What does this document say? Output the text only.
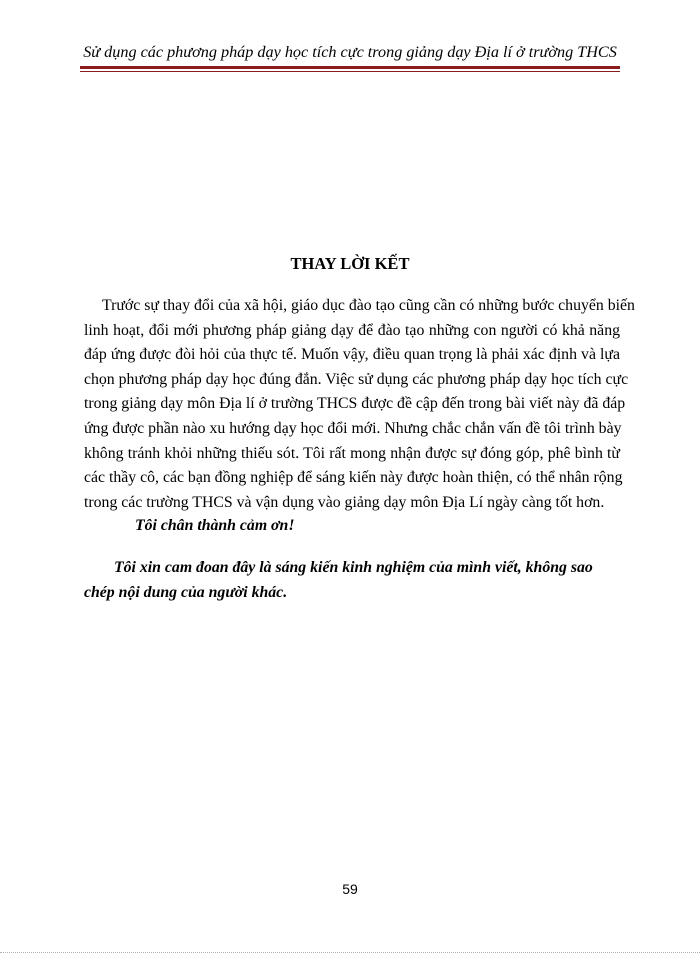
Sử dụng các phương pháp dạy học tích cực trong giảng dạy Địa lí ở trường THCS
THAY LỜI KẾT
Trước sự thay đổi của xã hội, giáo dục đào tạo cũng cần có những bước chuyển biến
linh hoạt, đổi mới phương pháp giảng dạy để đào tạo những con người có khả năng
đáp ứng được đòi hỏi của thực tế. Muốn vậy, điều quan trọng là phải xác định và lựa
chọn phương pháp dạy học đúng đắn. Việc sử dụng các phương pháp dạy học tích cực
trong giảng dạy môn Địa lí ở trường THCS được đề cập đến trong bài viết này đã đáp
ứng được phần nào xu hướng dạy học đổi mới. Nhưng chắc chắn vấn đề tôi trình bày
không tránh khỏi những thiếu sót. Tôi rất mong nhận được sự đóng góp, phê bình từ
các thầy cô, các bạn đồng nghiệp để sáng kiến này được hoàn thiện, có thể nhân rộng
trong các trường THCS và vận dụng vào giảng dạy môn Địa Lí ngày càng tốt hơn.
Tôi chân thành cảm ơn!
Tôi xin cam đoan đây là sáng kiến kinh nghiệm của mình viết, không sao
chép nội dung của người khác.
59
